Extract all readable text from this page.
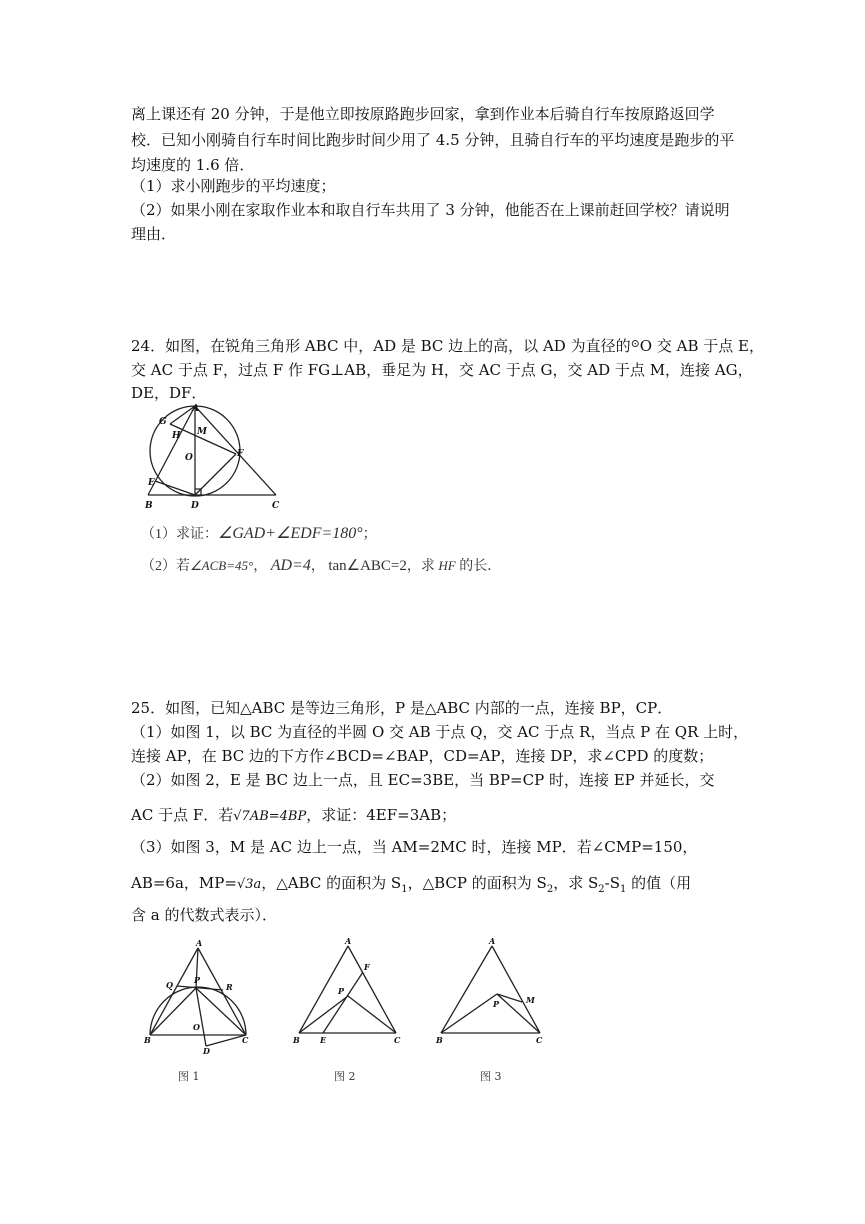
离上课还有 20 分钟，于是他立即按原路跑步回家，拿到作业本后骑自行车按原路返回学
校．已知小刚骑自行车时间比跑步时间少用了 4.5 分钟，且骑自行车的平均速度是跑步的平
均速度的 1.6 倍．
（1）求小刚跑步的平均速度；
（2）如果小刚在家取作业本和取自行车共用了 3 分钟，他能否在上课前赶回学校？请说明
理由．
24．如图，在锐角三角形 ABC 中，AD 是 BC 边上的高，以 AD 为直径的⊙O 交 AB 于点 E，
交 AC 于点 F，过点 F 作 FG⊥AB，垂足为 H，交 AC 于点 G，交 AD 于点 M，连接 AG，
DE，DF．
G
A
H M
O	F
E
B	D	C
（1）求证：∠GAD+∠EDF=180°；
（2）若∠ACB=45°， AD=4， tan∠ABC=2，求 HF 的长．
25．如图，已知△ABC 是等边三角形，P 是△ABC 内部的一点，连接 BP，CP．
（1）如图 1，以 BC 为直径的半圆 O 交 AB 于点 Q，交 AC 于点 R，当点 P 在 QR 上时，
连接 AP，在 BC 边的下方作∠BCD=∠BAP，CD=AP，连接 DP，求∠CPD 的度数；
（2）如图 2，E 是 BC 边上一点，且 EC=3BE，当 BP=CP 时，连接 EP 并延长，交
AC 于点 F．若√7AB=4BP，求证：4EF=3AB；
（3）如图 3，M 是 AC 边上一点，当 AM=2MC 时，连接 MP．若∠CMP=150，
AB=6a，MP=√3a，△ABC 的面积为 $S_1$，△BCP 的面积为 $S_2$，求 $S_2-S_1$ 的值（用
含 a 的代数式表示）．
A
Q	P
R
O
B
D
C
图 1
A
F
P
B	E	C
图 2
A
P	M
B	C
图 3
